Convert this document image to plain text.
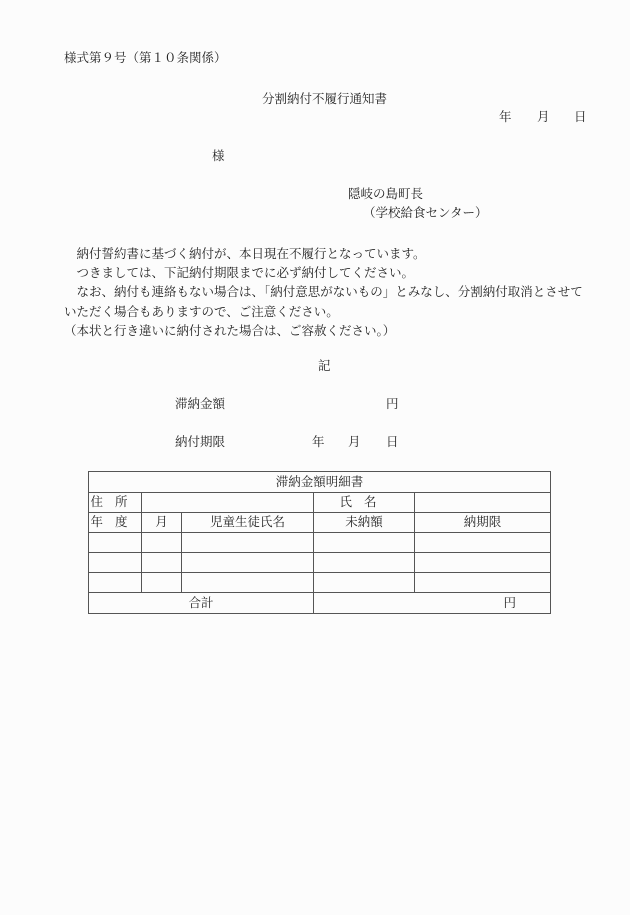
様式第９号（第１０条関係）
分割納付不履行通知書
年 月 日
様
隠岐の島町長
（学校給食センター）

納付誓約書に基づく納付が、本日現在不履行となっています。

つきましては、下記納付期限までに必ず納付してください。

なお、納付も連絡もない場合は、「納付意思がないもの」とみなし、分割納付取消とさせていただく場合もありますので、ご注意ください。

（本状と行き違いに納付された場合は、ご容赦ください。）

記
滞納金額	円
納付期限	年 月 日
滞納金額明細書				
住所			氏名	
年度	月	児童生徒氏名	未納額	納期限

合計			円	
